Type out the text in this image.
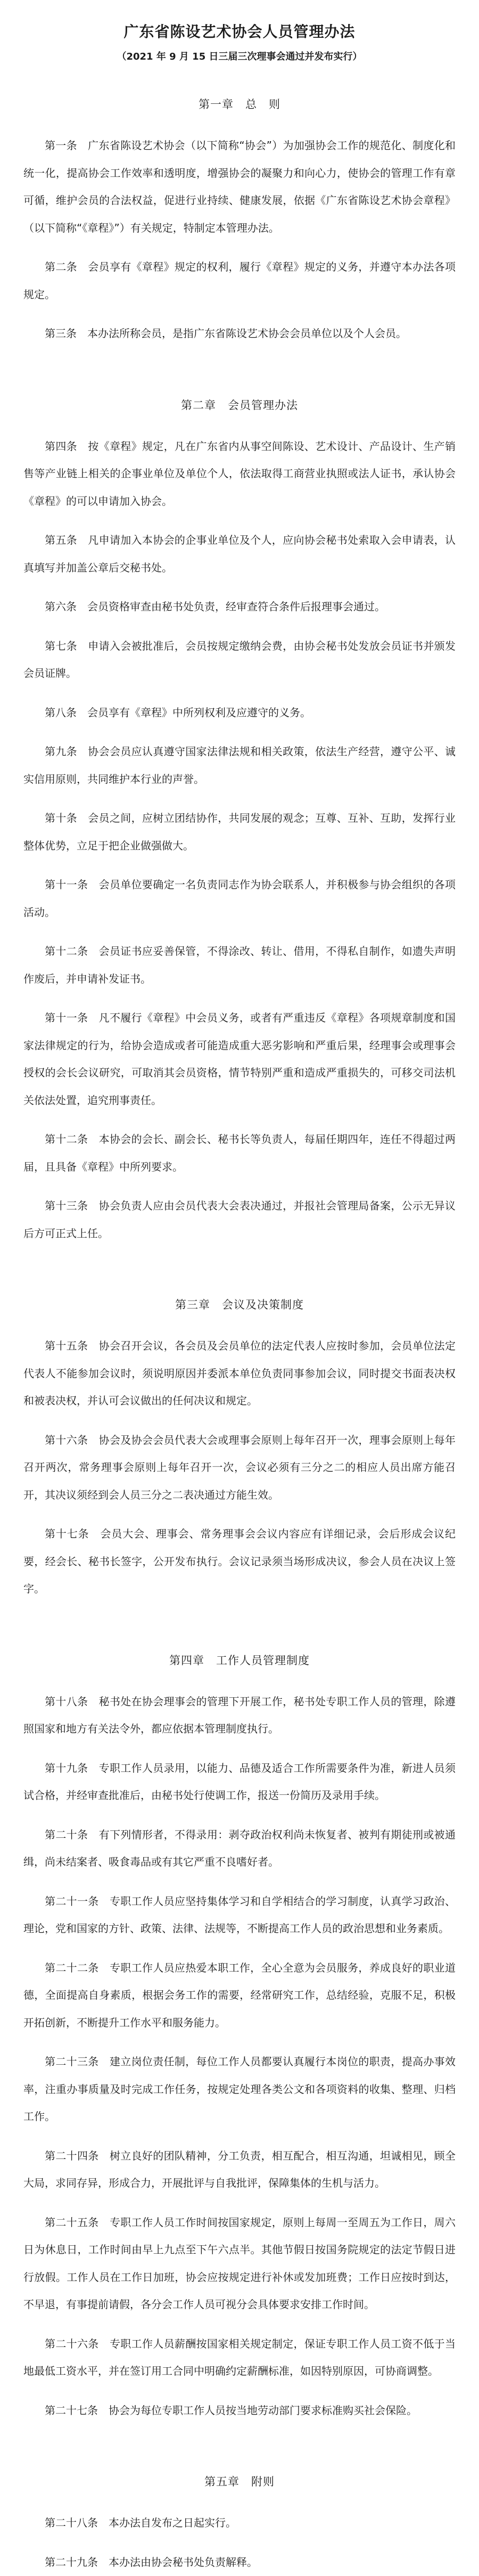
广东省陈设艺术协会人员管理办法
（2021 年 9 月 15 日三届三次理事会通过并发布实行）
第一章　总　则

第一条　广东省陈设艺术协会（以下简称“协会”）为加强协会工作的规范化、制度化和统一化，提高协会工作效率和透明度，增强协会的凝聚力和向心力，使协会的管理工作有章可循，维护会员的合法权益，促进行业持续、健康发展，依据《广东省陈设艺术协会章程》（以下简称“《章程》”）有关规定，特制定本管理办法。

第二条　会员享有《章程》规定的权利，履行《章程》规定的义务，并遵守本办法各项规定。

第三条　本办法所称会员，是指广东省陈设艺术协会会员单位以及个人会员。

第二章　会员管理办法

第四条　按《章程》规定，凡在广东省内从事空间陈设、艺术设计、产品设计、生产销售等产业链上相关的企事业单位及单位个人，依法取得工商营业执照或法人证书，承认协会《章程》的可以申请加入协会。

第五条　凡申请加入本协会的企事业单位及个人，应向协会秘书处索取入会申请表，认真填写并加盖公章后交秘书处。

第六条　会员资格审查由秘书处负责，经审查符合条件后报理事会通过。

第七条　申请入会被批准后，会员按规定缴纳会费，由协会秘书处发放会员证书并颁发会员证牌。

第八条　会员享有《章程》中所列权利及应遵守的义务。

第九条　协会会员应认真遵守国家法律法规和相关政策，依法生产经营，遵守公平、诚实信用原则，共同维护本行业的声誉。

第十条　会员之间，应树立团结协作，共同发展的观念；互尊、互补、互助，发挥行业整体优势，立足于把企业做强做大。

第十一条　会员单位要确定一名负责同志作为协会联系人，并积极参与协会组织的各项活动。

第十二条　会员证书应妥善保管，不得涂改、转让、借用，不得私自制作，如遗失声明作废后，并申请补发证书。

第十一条　凡不履行《章程》中会员义务，或者有严重违反《章程》各项规章制度和国家法律规定的行为，给协会造成或者可能造成重大恶劣影响和严重后果，经理事会或理事会授权的会长会议研究，可取消其会员资格，情节特别严重和造成严重损失的，可移交司法机关依法处置，追究刑事责任。

第十二条　本协会的会长、副会长、秘书长等负责人，每届任期四年，连任不得超过两届，且具备《章程》中所列要求。

第十三条　协会负责人应由会员代表大会表决通过，并报社会管理局备案，公示无异议后方可正式上任。

第三章　会议及决策制度

第十五条　协会召开会议，各会员及会员单位的法定代表人应按时参加，会员单位法定代表人不能参加会议时，须说明原因并委派本单位负责同事参加会议，同时提交书面表决权和被表决权，并认可会议做出的任何决议和规定。

第十六条　协会及协会会员代表大会或理事会原则上每年召开一次，理事会原则上每年召开两次，常务理事会原则上每年召开一次，会议必须有三分之二的相应人员出席方能召开，其决议须经到会人员三分之二表决通过方能生效。

第十七条　会员大会、理事会、常务理事会会议内容应有详细记录，会后形成会议纪要，经会长、秘书长签字，公开发布执行。会议记录须当场形成决议，参会人员在决议上签字。

第四章　工作人员管理制度

第十八条　秘书处在协会理事会的管理下开展工作，秘书处专职工作人员的管理，除遵照国家和地方有关法令外，都应依据本管理制度执行。

第十九条　专职工作人员录用，以能力、品德及适合工作所需要条件为准，新进人员须试合格，并经审查批准后，由秘书处行使调工作，报送一份简历及录用手续。

第二十条　有下列情形者，不得录用：剥夺政治权利尚未恢复者、被判有期徒刑或被通缉，尚未结案者、吸食毒品或有其它严重不良嗜好者。

第二十一条　专职工作人员应坚持集体学习和自学相结合的学习制度，认真学习政治、理论，党和国家的方针、政策、法律、法规等，不断提高工作人员的政治思想和业务素质。

第二十二条　专职工作人员应热爱本职工作，全心全意为会员服务，养成良好的职业道德，全面提高自身素质，根据会务工作的需要，经常研究工作，总结经验，克服不足，积极开拓创新，不断提升工作水平和服务能力。

第二十三条　建立岗位责任制，每位工作人员都要认真履行本岗位的职责，提高办事效率，注重办事质量及时完成工作任务，按规定处理各类公文和各项资料的收集、整理、归档工作。

第二十四条　树立良好的团队精神，分工负责，相互配合，相互沟通，坦诚相见，顾全大局，求同存异，形成合力，开展批评与自我批评，保障集体的生机与活力。

第二十五条　专职工作人员工作时间按国家规定，原则上每周一至周五为工作日，周六日为休息日，工作时间由早上九点至下午六点半。其他节假日按国务院规定的法定节假日进行放假。工作人员在工作日加班，协会应按规定进行补休或发加班费；工作日应按时到达，不早退，有事提前请假，各分会工作人员可视分会具体要求安排工作时间。

第二十六条　专职工作人员薪酬按国家相关规定制定，保证专职工作人员工资不低于当地最低工资水平，并在签订用工合同中明确约定薪酬标准，如因特别原因，可协商调整。

第二十七条　协会为每位专职工作人员按当地劳动部门要求标准购买社会保险。

第五章　附则

第二十八条　本办法自发布之日起实行。

第二十九条　本办法由协会秘书处负责解释。
